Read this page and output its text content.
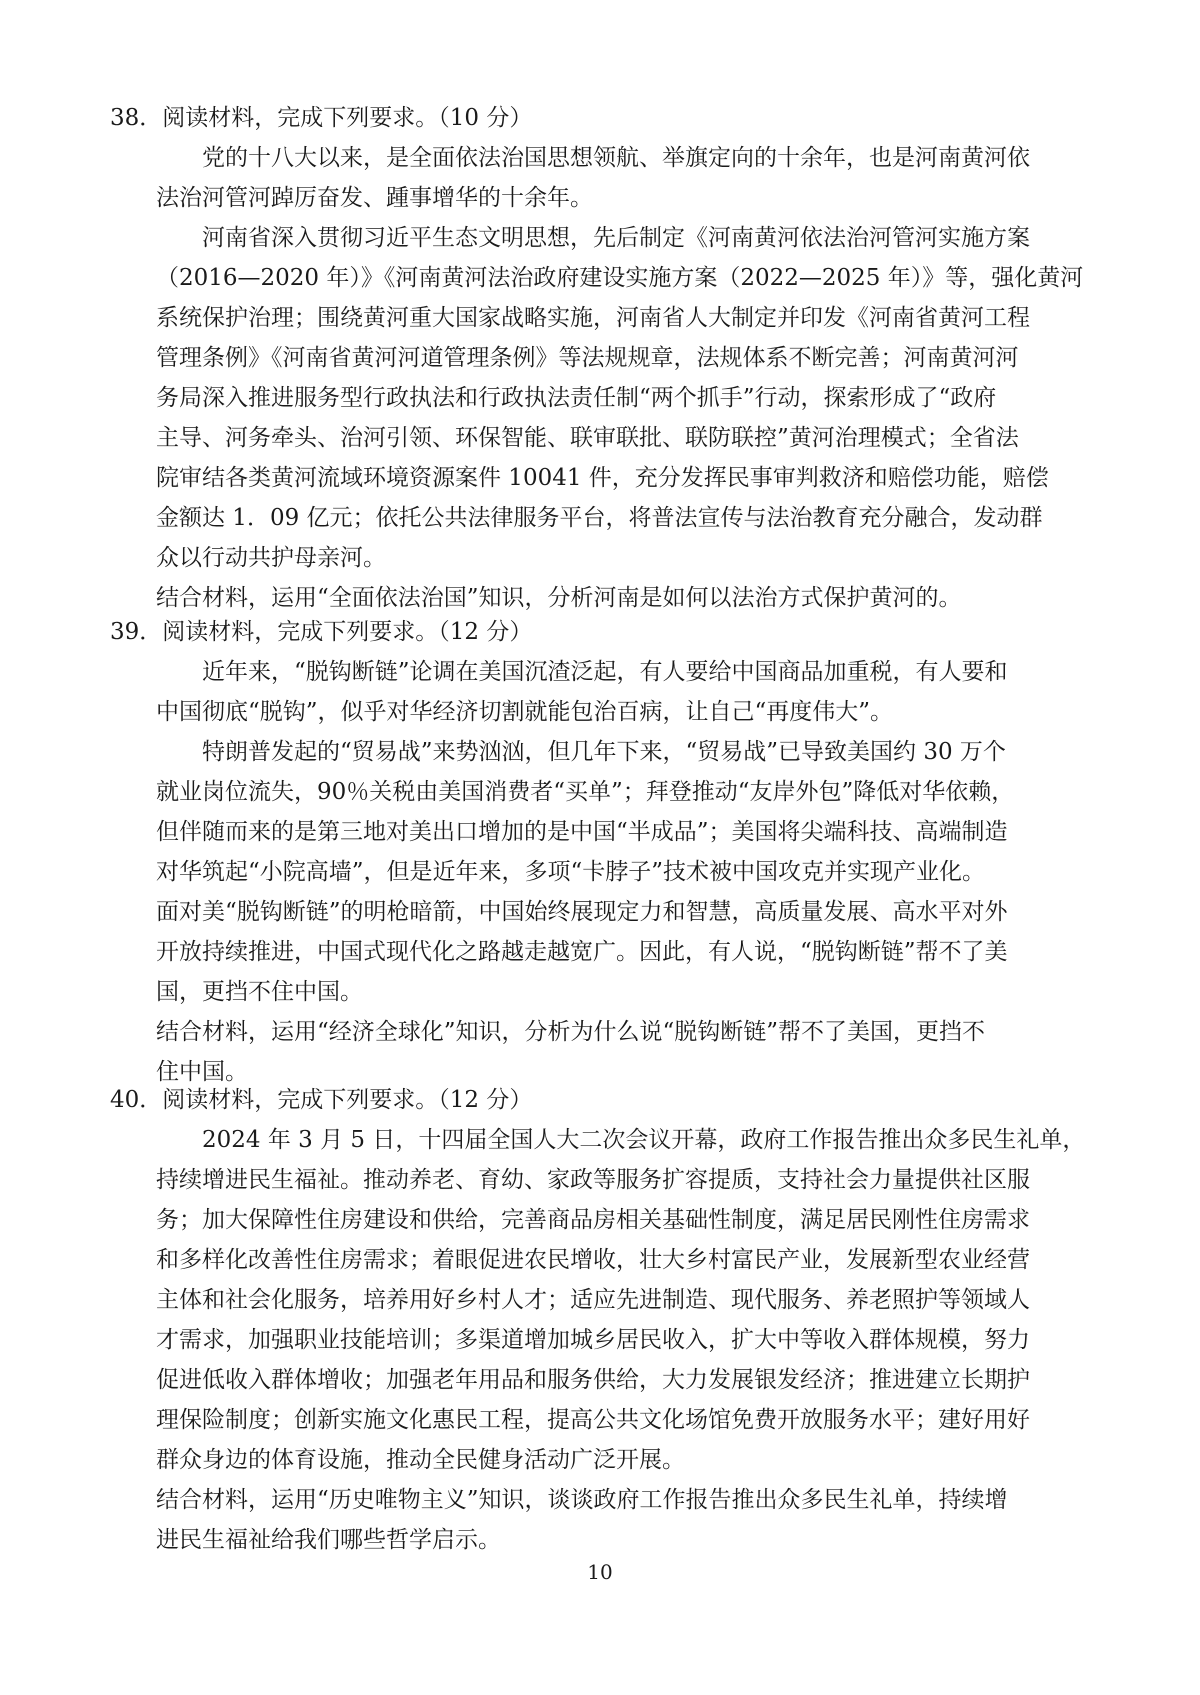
38．阅读材料，完成下列要求。（10 分）
党的十八大以来，是全面依法治国思想领航、举旗定向的十余年，也是河南黄河依
法治河管河踔厉奋发、踵事增华的十余年。
河南省深入贯彻习近平生态文明思想，先后制定《河南黄河依法治河管河实施方案
（2016—2020 年）》《河南黄河法治政府建设实施方案（2022—2025 年）》等，强化黄河
系统保护治理；围绕黄河重大国家战略实施，河南省人大制定并印发《河南省黄河工程
管理条例》《河南省黄河河道管理条例》等法规规章，法规体系不断完善；河南黄河河
务局深入推进服务型行政执法和行政执法责任制“两个抓手”行动，探索形成了“政府
主导、河务牵头、治河引领、环保智能、联审联批、联防联控”黄河治理模式；全省法
院审结各类黄河流域环境资源案件 10041 件，充分发挥民事审判救济和赔偿功能，赔偿
金额达 1．09 亿元；依托公共法律服务平台，将普法宣传与法治教育充分融合，发动群
众以行动共护母亲河。
结合材料，运用“全面依法治国”知识，分析河南是如何以法治方式保护黄河的。
39．阅读材料，完成下列要求。（12 分）
近年来，“脱钩断链”论调在美国沉渣泛起，有人要给中国商品加重税，有人要和
中国彻底“脱钩”，似乎对华经济切割就能包治百病，让自己“再度伟大”。
特朗普发起的“贸易战”来势汹汹，但几年下来，“贸易战”已导致美国约 30 万个
就业岗位流失，90％关税由美国消费者“买单”；拜登推动“友岸外包”降低对华依赖，
但伴随而来的是第三地对美出口增加的是中国“半成品”；美国将尖端科技、高端制造
对华筑起“小院高墙”，但是近年来，多项“卡脖子”技术被中国攻克并实现产业化。
面对美“脱钩断链”的明枪暗箭，中国始终展现定力和智慧，高质量发展、高水平对外
开放持续推进，中国式现代化之路越走越宽广。因此，有人说，“脱钩断链”帮不了美
国，更挡不住中国。
结合材料，运用“经济全球化”知识，分析为什么说“脱钩断链”帮不了美国，更挡不
住中国。
40．阅读材料，完成下列要求。（12 分）
2024 年 3 月 5 日，十四届全国人大二次会议开幕，政府工作报告推出众多民生礼单，
持续增进民生福祉。推动养老、育幼、家政等服务扩容提质，支持社会力量提供社区服
务；加大保障性住房建设和供给，完善商品房相关基础性制度，满足居民刚性住房需求
和多样化改善性住房需求；着眼促进农民增收，壮大乡村富民产业，发展新型农业经营
主体和社会化服务，培养用好乡村人才；适应先进制造、现代服务、养老照护等领域人
才需求，加强职业技能培训；多渠道增加城乡居民收入，扩大中等收入群体规模，努力
促进低收入群体增收；加强老年用品和服务供给，大力发展银发经济；推进建立长期护
理保险制度；创新实施文化惠民工程，提高公共文化场馆免费开放服务水平；建好用好
群众身边的体育设施，推动全民健身活动广泛开展。
结合材料，运用“历史唯物主义”知识，谈谈政府工作报告推出众多民生礼单，持续增
进民生福祉给我们哪些哲学启示。
10
